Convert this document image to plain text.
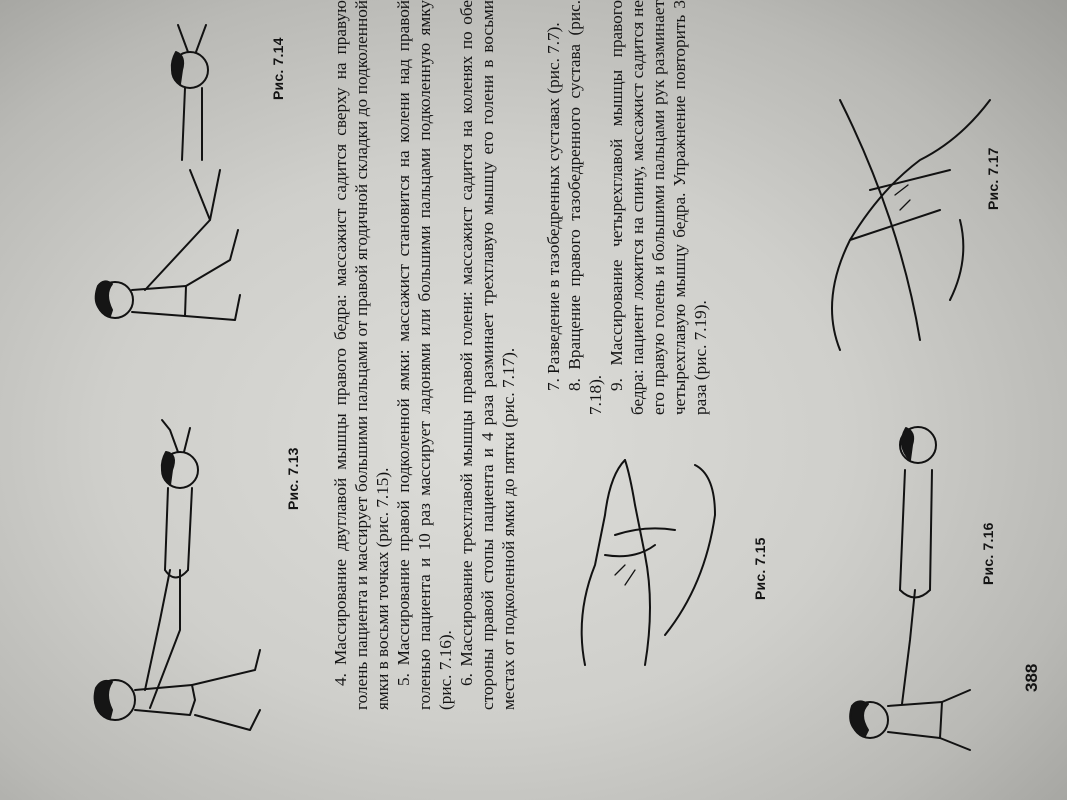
Рис. 7.13
Рис. 7.14	4. Массирование двуглавой мышцы правого бедра: массажист садится сверху на правую голень пациента и массирует большими пальцами от правой ягодичной складки до подколенной ямки в восьми точках (рис. 7.15). 5. Массирование правой подколенной ямки: массажист становится на колени над правой голенью пациента и 10 раз массирует ладонями или большими пальцами подколенную ямку (рис. 7.16). 6. Массирование трехглавой мышцы правой голени: массажист садится на коленях по обе стороны правой стопы пациента и 4 раза разминает трехглавую мышцу его голени в восьми местах от подколенной ямки до пятки (рис. 7.17).	Рис. 7.15

7. Разведение в тазобедренных суставах (рис. 7.7). 8. Вращение правого тазобедренного сустава (рис. 7.18).

9. Массирование четырехглавой мышцы правого бедра: пациент ложится на спину, массажист садится не его правую голень и большими пальцами рук разминает четырехглавую мышцу бедра. Упражнение повторить 3 раза (рис. 7.19).

Рис. 7.16
Рис. 7.17
388
